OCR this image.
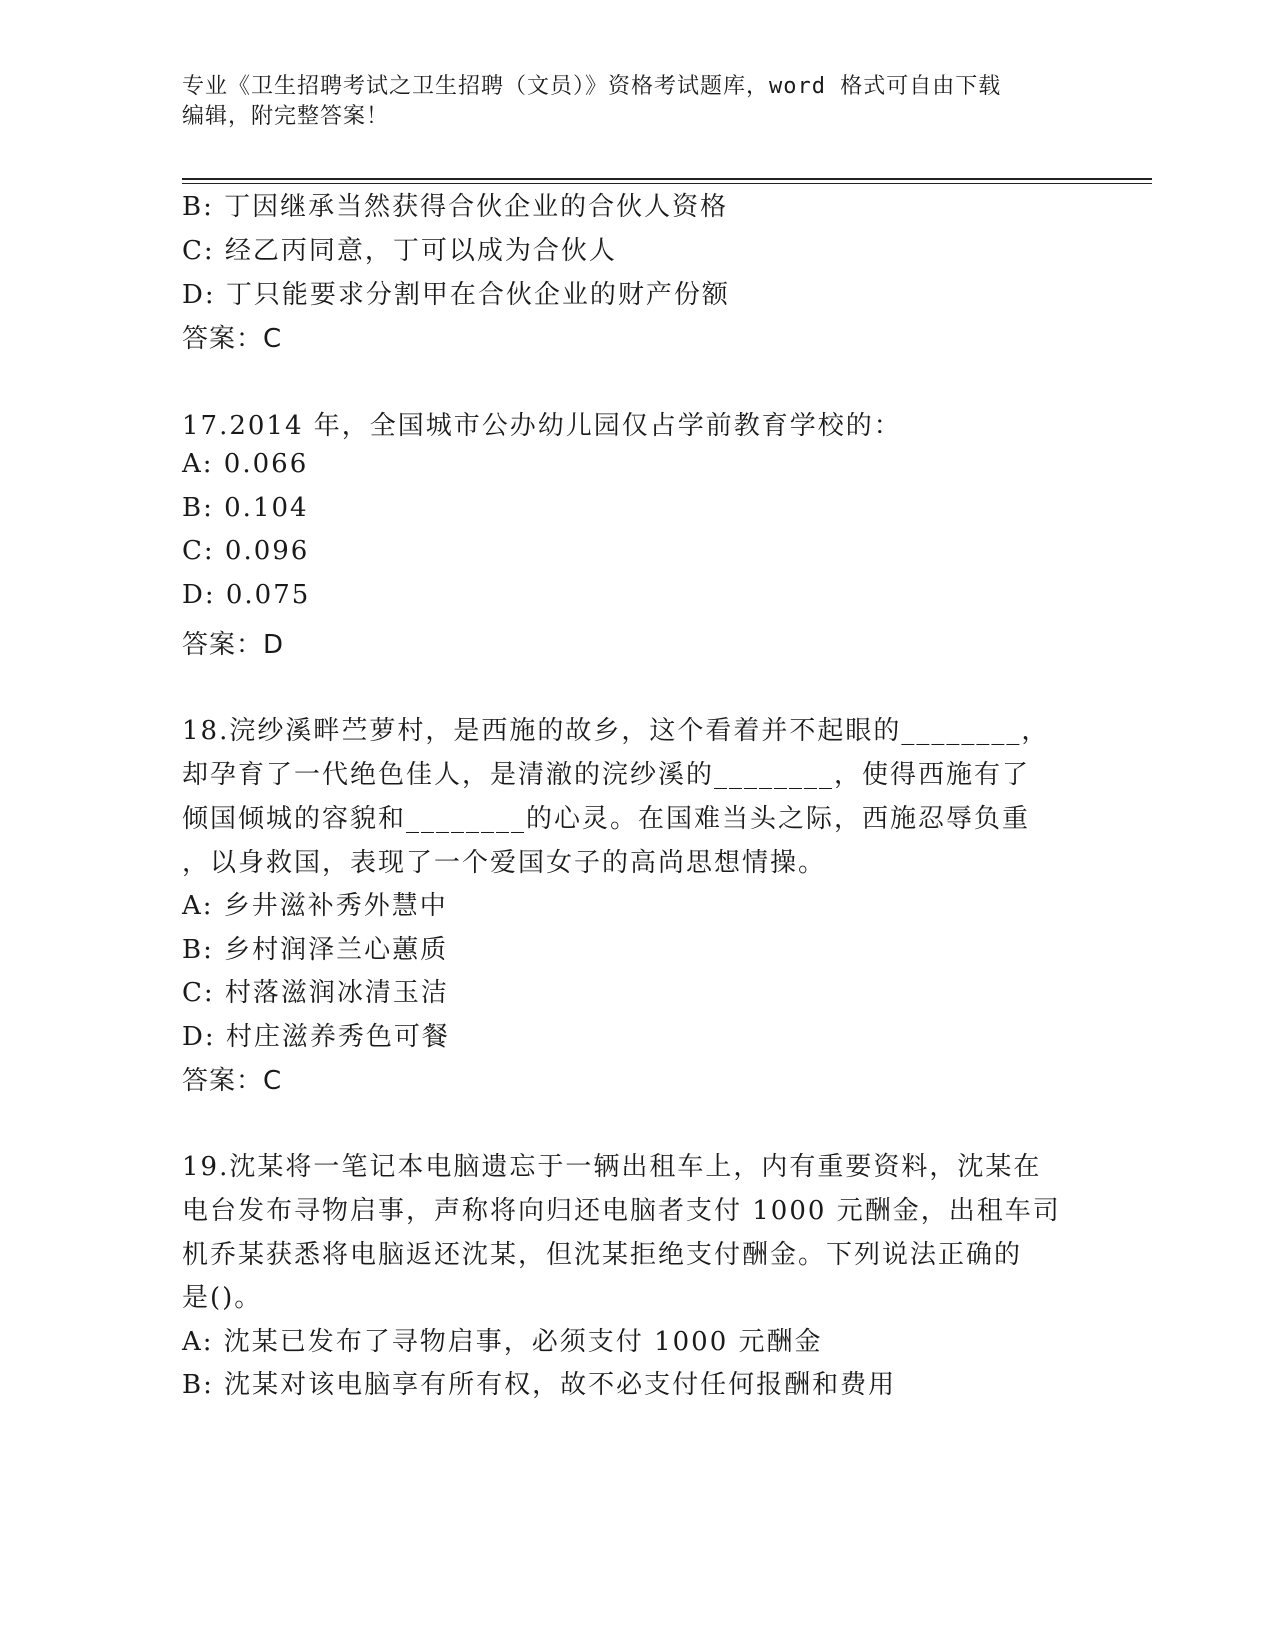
专业《卫生招聘考试之卫生招聘（文员）》资格考试题库，word 格式可自由下载
编辑，附完整答案！
B: 丁因继承当然获得合伙企业的合伙人资格
C: 经乙丙同意，丁可以成为合伙人
D: 丁只能要求分割甲在合伙企业的财产份额
答案：C
17.2014 年，全国城市公办幼儿园仅占学前教育学校的：
A: 0.066
B: 0.104
C: 0.096
D: 0.075
答案：D
18.浣纱溪畔苎萝村，是西施的故乡，这个看着并不起眼的________，
却孕育了一代绝色佳人，是清澈的浣纱溪的________，使得西施有了
倾国倾城的容貌和________的心灵。在国难当头之际，西施忍辱负重
，以身救国，表现了一个爱国女子的高尚思想情操。
A: 乡井滋补秀外慧中
B: 乡村润泽兰心蕙质
C: 村落滋润冰清玉洁
D: 村庄滋养秀色可餐
答案：C
19.沈某将一笔记本电脑遗忘于一辆出租车上，内有重要资料，沈某在
电台发布寻物启事，声称将向归还电脑者支付 1000 元酬金，出租车司
机乔某获悉将电脑返还沈某，但沈某拒绝支付酬金。下列说法正确的
是()。
A: 沈某已发布了寻物启事，必须支付 1000 元酬金
B: 沈某对该电脑享有所有权，故不必支付任何报酬和费用
